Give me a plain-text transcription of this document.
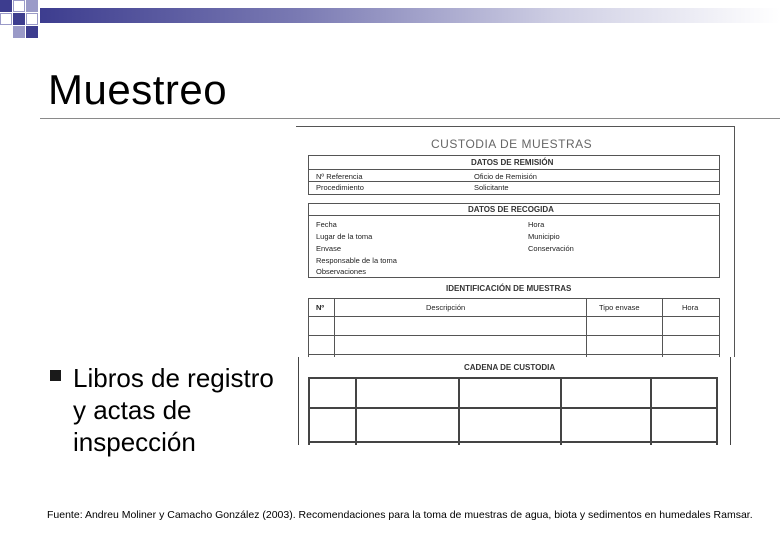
Muestreo
Libros de registro y actas de inspección
CUSTODIA DE MUESTRAS
DATOS DE REMISIÓN
Nº Referencia	Oficio de Remisión
Procedimiento	Solicitante
DATOS DE RECOGIDA
Fecha	Hora
Lugar de la toma	Municipio
Envase	Conservación
Responsable de la toma
Observaciones
IDENTIFICACIÓN DE MUESTRAS
Nº	Descripción	Tipo envase	Hora
CADENA DE CUSTODIA
Fuente: Andreu Moliner y Camacho González (2003). Recomendaciones para la toma de muestras de agua, biota y sedimentos en humedales Ramsar.
